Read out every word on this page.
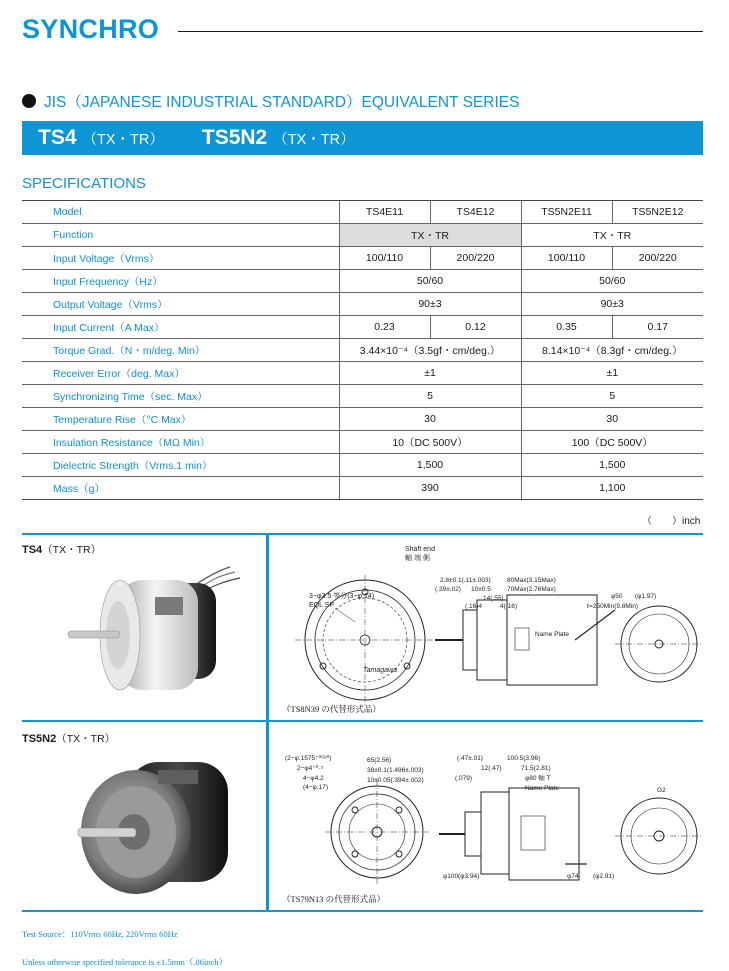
SYNCHRO
JIS（JAPANESE INDUSTRIAL STANDARD）EQUIVALENT SERIES
TS4 （TX・TR） TS5N2 （TX・TR）
SPECIFICATIONS
Model	TS4E11	TS4E12	TS5N2E11	TS5N2E12
Function	TX・TR		TX・TR	
Input Voltage（Vrms）	100/110	200/220	100/110	200/220
Input Frequency（Hz）	50/60		50/60	
Output Voltage（Vrms）	90±3		90±3	
Input Current（A Max）	0.23	0.12	0.35	0.17
Torque Grad.（N・m/deg. Min）	3.44×10⁻⁴（3.5gf・cm/deg.）		8.14×10⁻⁴（8.3gf・cm/deg.）	
Receiver Error（deg. Max）	±1		±1	
Synchronizing Time（sec. Max）	5		5	
Temperature Rise（°C Max）	30		30	
Insulation Resistance（MΩ Min）	10（DC 500V）		100（DC 500V）	
Dielectric Strength（Vrms.1 min）	1,500		1,500	
Mass（g）	390		1,100	
（　　）inch
TS4（TX・TR）
Tamagawa
3−φ3.5 等分(3−φ.14)
EQL SP
Shaft end
軸 端 側
2.8±0.1(.11±.003)	80Max(3.15Max)
70Max(2.76Max)
10±0.5
(.39±.02)
14(.55)
(.16)4	4(.16)	ℓ=250Min(9.8Min)
Name Plate
φ50 (φ1.97)
（TS8N39 の代替形式品）
TS5N2（TX・TR）
(2−φ.1575⁺⁰ᴼ²⁰)
2−φ4⁺⁰·⁵
4−φ4.2
(4−φ.17)
65(2.56)
38±0.1(1.496±.003)
10±0.05(.394±.002)
(.47±.01)	100.5(3.96)
12(.47)	71.5(2.81)
(.079)	φ80 軸 T
Name Plate
φ100(φ3.94)	φ74 (φ2.91)
G2
（TS79N13 の代替形式品）
Test Source：110Vrms 60Hz, 220Vrms 60Hz
Unless otherwise specified tolerance is ±1.5mm（.06inch）
